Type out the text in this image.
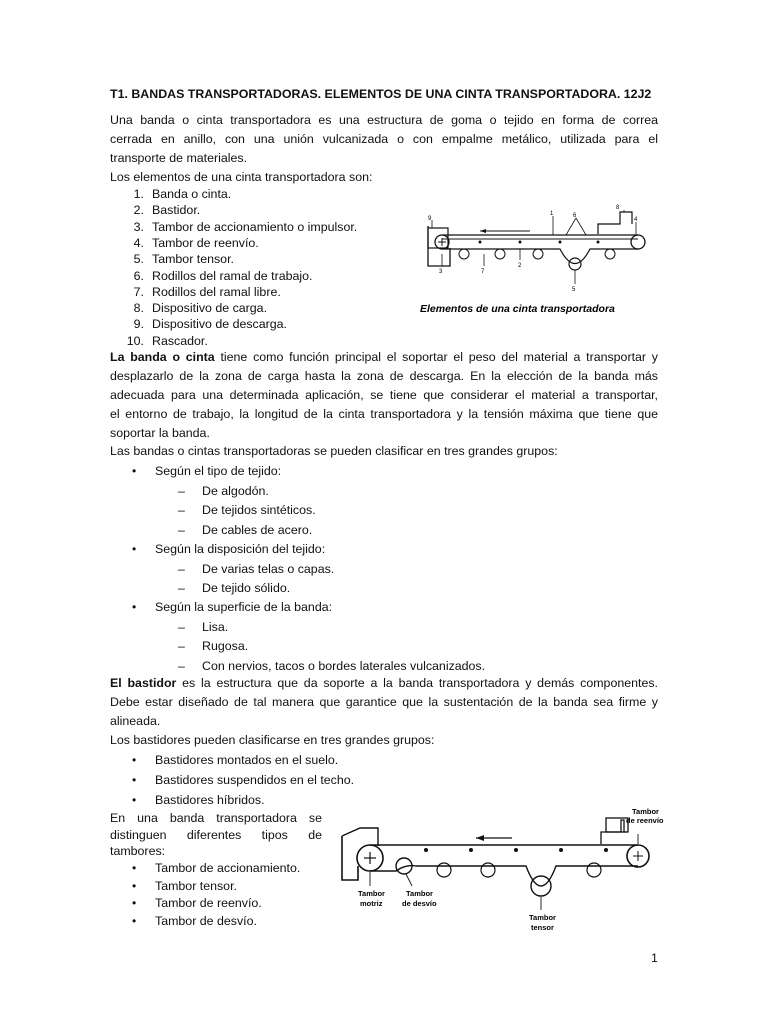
T1. BANDAS TRANSPORTADORAS. ELEMENTOS DE UNA CINTA TRANSPORTADORA. 12J2
Una banda o cinta transportadora es una estructura de goma o tejido en forma de correa
cerrada en anillo, con una unión vulcanizada o con empalme metálico, utilizada para el
transporte de materiales.
Los elementos de una cinta transportadora son:
1. Banda o cinta.
2. Bastidor.
3. Tambor de accionamiento o impulsor.
4. Tambor de reenvío.
5. Tambor tensor.
6. Rodillos del ramal de trabajo.
7. Rodillos del ramal libre.
8. Dispositivo de carga.
9. Dispositivo de descarga.
10. Rascador.
9
1	6
8
4
3	7
2
5
Elementos de una cinta transportadora
La banda o cinta tiene como función principal el soportar el peso del material a transportar y
desplazarlo de la zona de carga hasta la zona de descarga. En la elección de la banda más
adecuada para una determinada aplicación, se tiene que considerar el material a transportar,
el entorno de trabajo, la longitud de la cinta transportadora y la tensión máxima que tiene que
soportar la banda.
Las bandas o cintas transportadoras se pueden clasificar en tres grandes grupos:
• Según el tipo de tejido:
– De algodón.
– De tejidos sintéticos.
– De cables de acero.
• Según la disposición del tejido:
– De varias telas o capas.
– De tejido sólido.
• Según la superficie de la banda:
– Lisa.
– Rugosa.
– Con nervios, tacos o bordes laterales vulcanizados.
El bastidor es la estructura que da soporte a la banda transportadora y demás componentes.
Debe estar diseñado de tal manera que garantice que la sustentación de la banda sea firme y
alineada.
Los bastidores pueden clasificarse en tres grandes grupos:
• Bastidores montados en el suelo.
• Bastidores suspendidos en el techo.
• Bastidores híbridos.
En una banda transportadora se
distinguen diferentes tipos de
tambores:
• Tambor de accionamiento.
• Tambor tensor.
• Tambor de reenvío.
• Tambor de desvío.
Tambor
de reenvío
Tambor
motriz
Tambor
de desvío
Tambor
tensor
1
